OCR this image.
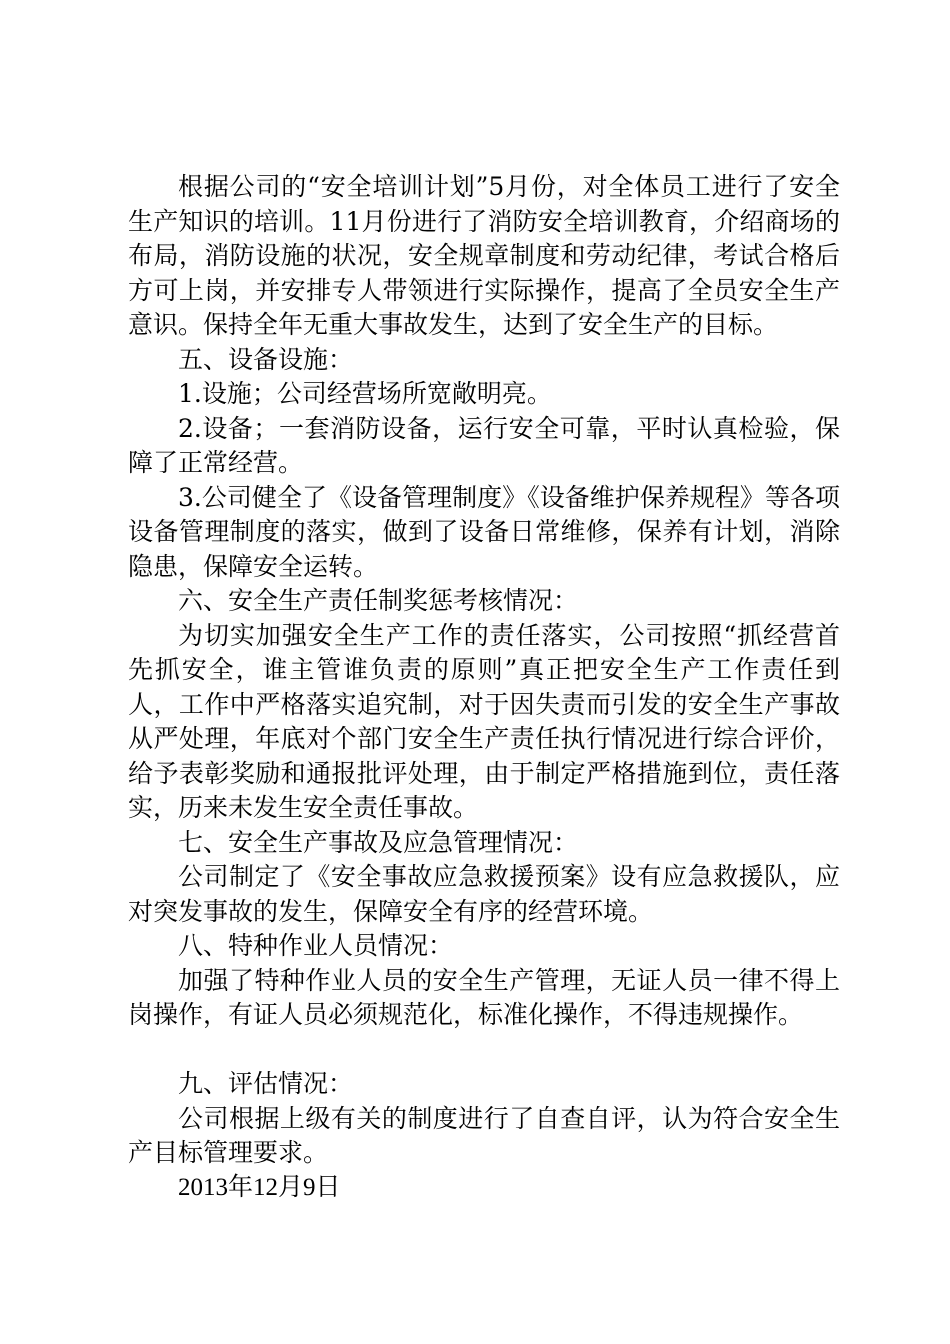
根据公司的“安全培训计划”5月份，对全体员工进行了安全生产知识的培训。11月份进行了消防安全培训教育，介绍商场的布局，消防设施的状况，安全规章制度和劳动纪律，考试合格后方可上岗，并安排专人带领进行实际操作，提高了全员安全生产意识。保持全年无重大事故发生，达到了安全生产的目标。

五、设备设施：

1.设施；公司经营场所宽敞明亮。

2.设备；一套消防设备，运行安全可靠，平时认真检验，保障了正常经营。

3.公司健全了《设备管理制度》《设备维护保养规程》等各项设备管理制度的落实，做到了设备日常维修，保养有计划，消除隐患，保障安全运转。

六、安全生产责任制奖惩考核情况：

为切实加强安全生产工作的责任落实，公司按照“抓经营首先抓安全，谁主管谁负责的原则”真正把安全生产工作责任到人，工作中严格落实追究制，对于因失责而引发的安全生产事故从严处理，年底对个部门安全生产责任执行情况进行综合评价，给予表彰奖励和通报批评处理，由于制定严格措施到位，责任落实，历来未发生安全责任事故。

七、安全生产事故及应急管理情况：

公司制定了《安全事故应急救援预案》设有应急救援队，应对突发事故的发生，保障安全有序的经营环境。

八、特种作业人员情况：

加强了特种作业人员的安全生产管理，无证人员一律不得上岗操作，有证人员必须规范化，标准化操作，不得违规操作。

九、评估情况：

公司根据上级有关的制度进行了自查自评，认为符合安全生产目标管理要求。

2013年12月9日
